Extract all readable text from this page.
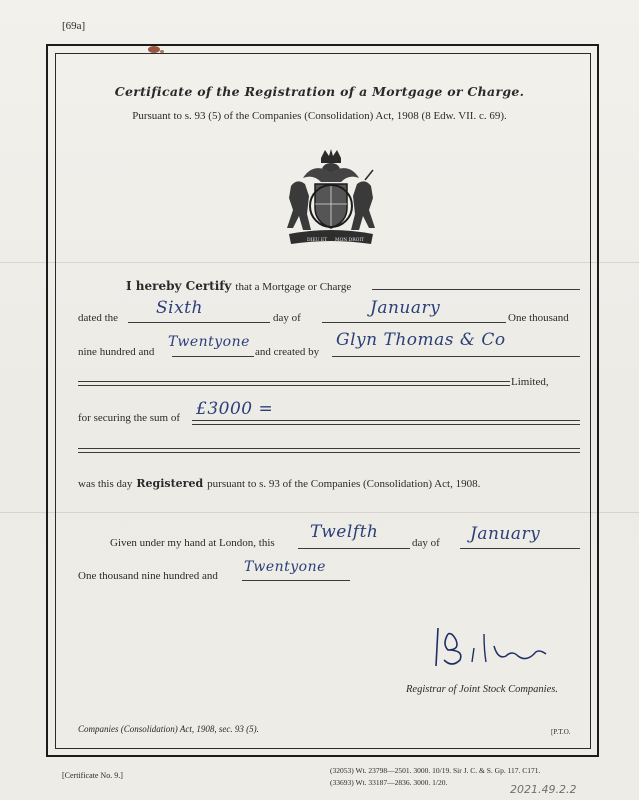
[69a]
Certificate of the Registration of a Mortgage or Charge.
Pursuant to s. 93 (5) of the Companies (Consolidation) Act, 1908 (8 Edw. VII. c. 69).
DIEU ET MON DROIT
I hereby Certify that a Mortgage or Charge
dated the Sixth	day of	January	One thousand
nine hundred and
Twentyone
and created by
Glyn Thomas & Co
Limited,
for securing the sum of £3000 =
was this day Registered pursuant to s. 93 of the Companies (Consolidation) Act, 1908.
Given under my hand at London, this
Twelfth
day of January
One thousand nine hundred and
Twentyone
Registrar of Joint Stock Companies.
Companies (Consolidation) Act, 1908, sec. 93 (5).	[P.T.O.
[Certificate No. 9.]
(32053) Wt. 23798—2501. 3000. 10/19. Sir J. C. & S. Gp. 117. C171.
(33693) Wt. 33187—2836. 3000. 1/20.
2021.49.2.2
